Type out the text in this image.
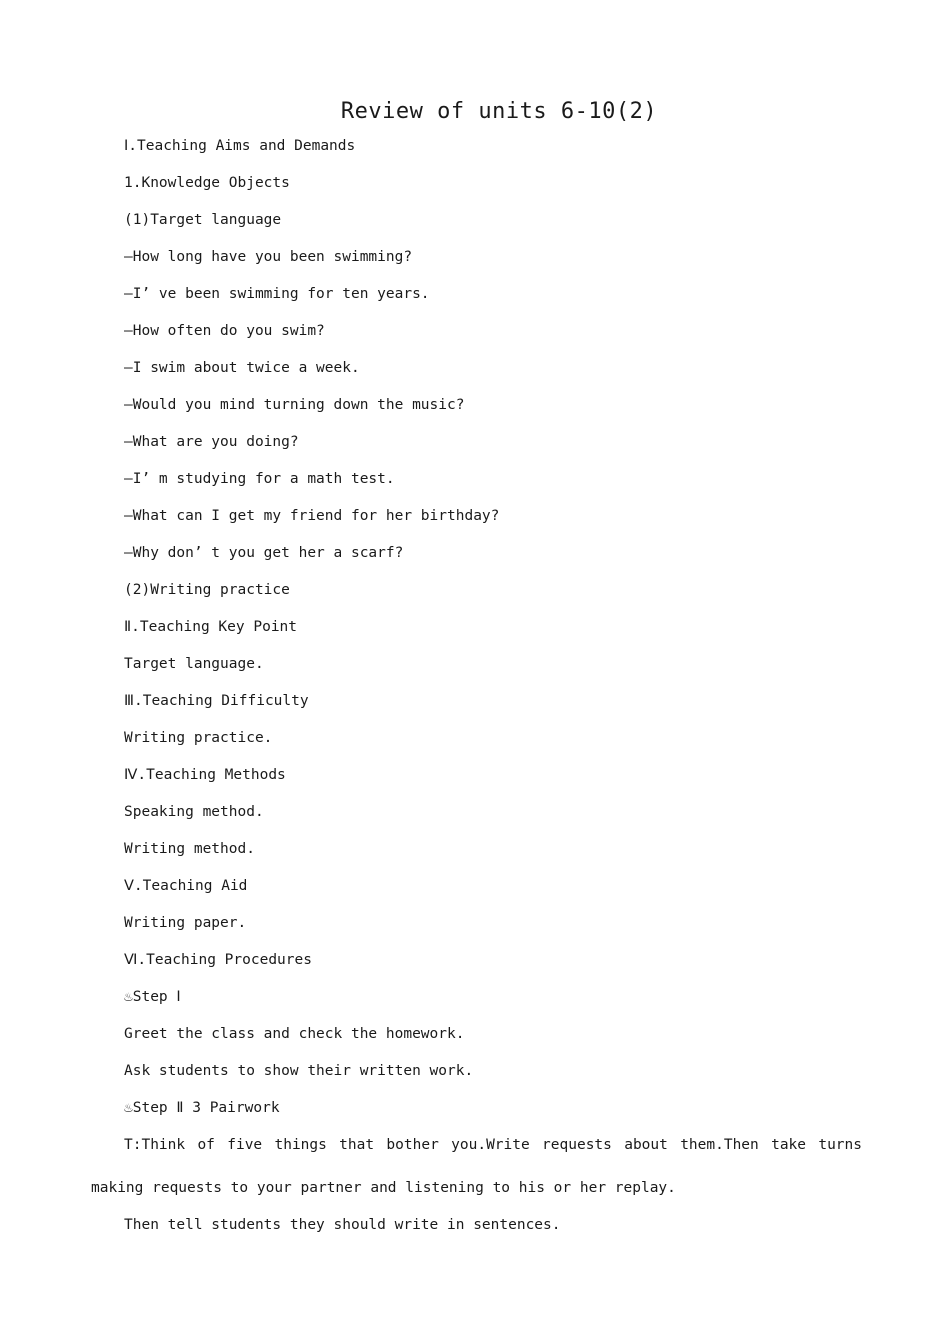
Review of units 6-10(2)
Ⅰ.Teaching Aims and Demands
1.Knowledge Objects
(1)Target language
—How long have you been swimming?
—I’ ve been swimming for ten years.
—How often do you swim?
—I swim about twice a week.
—Would you mind turning down the music?
—What are you doing?
—I’ m studying for a math test.
—What can I get my friend for her birthday?
—Why don’ t you get her a scarf?
(2)Writing practice
Ⅱ.Teaching Key Point
Target language.
Ⅲ.Teaching Difficulty
Writing practice.
Ⅳ.Teaching Methods
Speaking method.
Writing method.
Ⅴ.Teaching Aid
Writing paper.
Ⅵ.Teaching Procedures
♨Step Ⅰ
Greet the class and check the homework.
Ask students to show their written work.
♨Step Ⅱ 3 Pairwork
T:Think of five things that bother you.Write requests about them.Then take turns making requests to your partner and listening to his or her replay.
Then tell students they should write in sentences.
